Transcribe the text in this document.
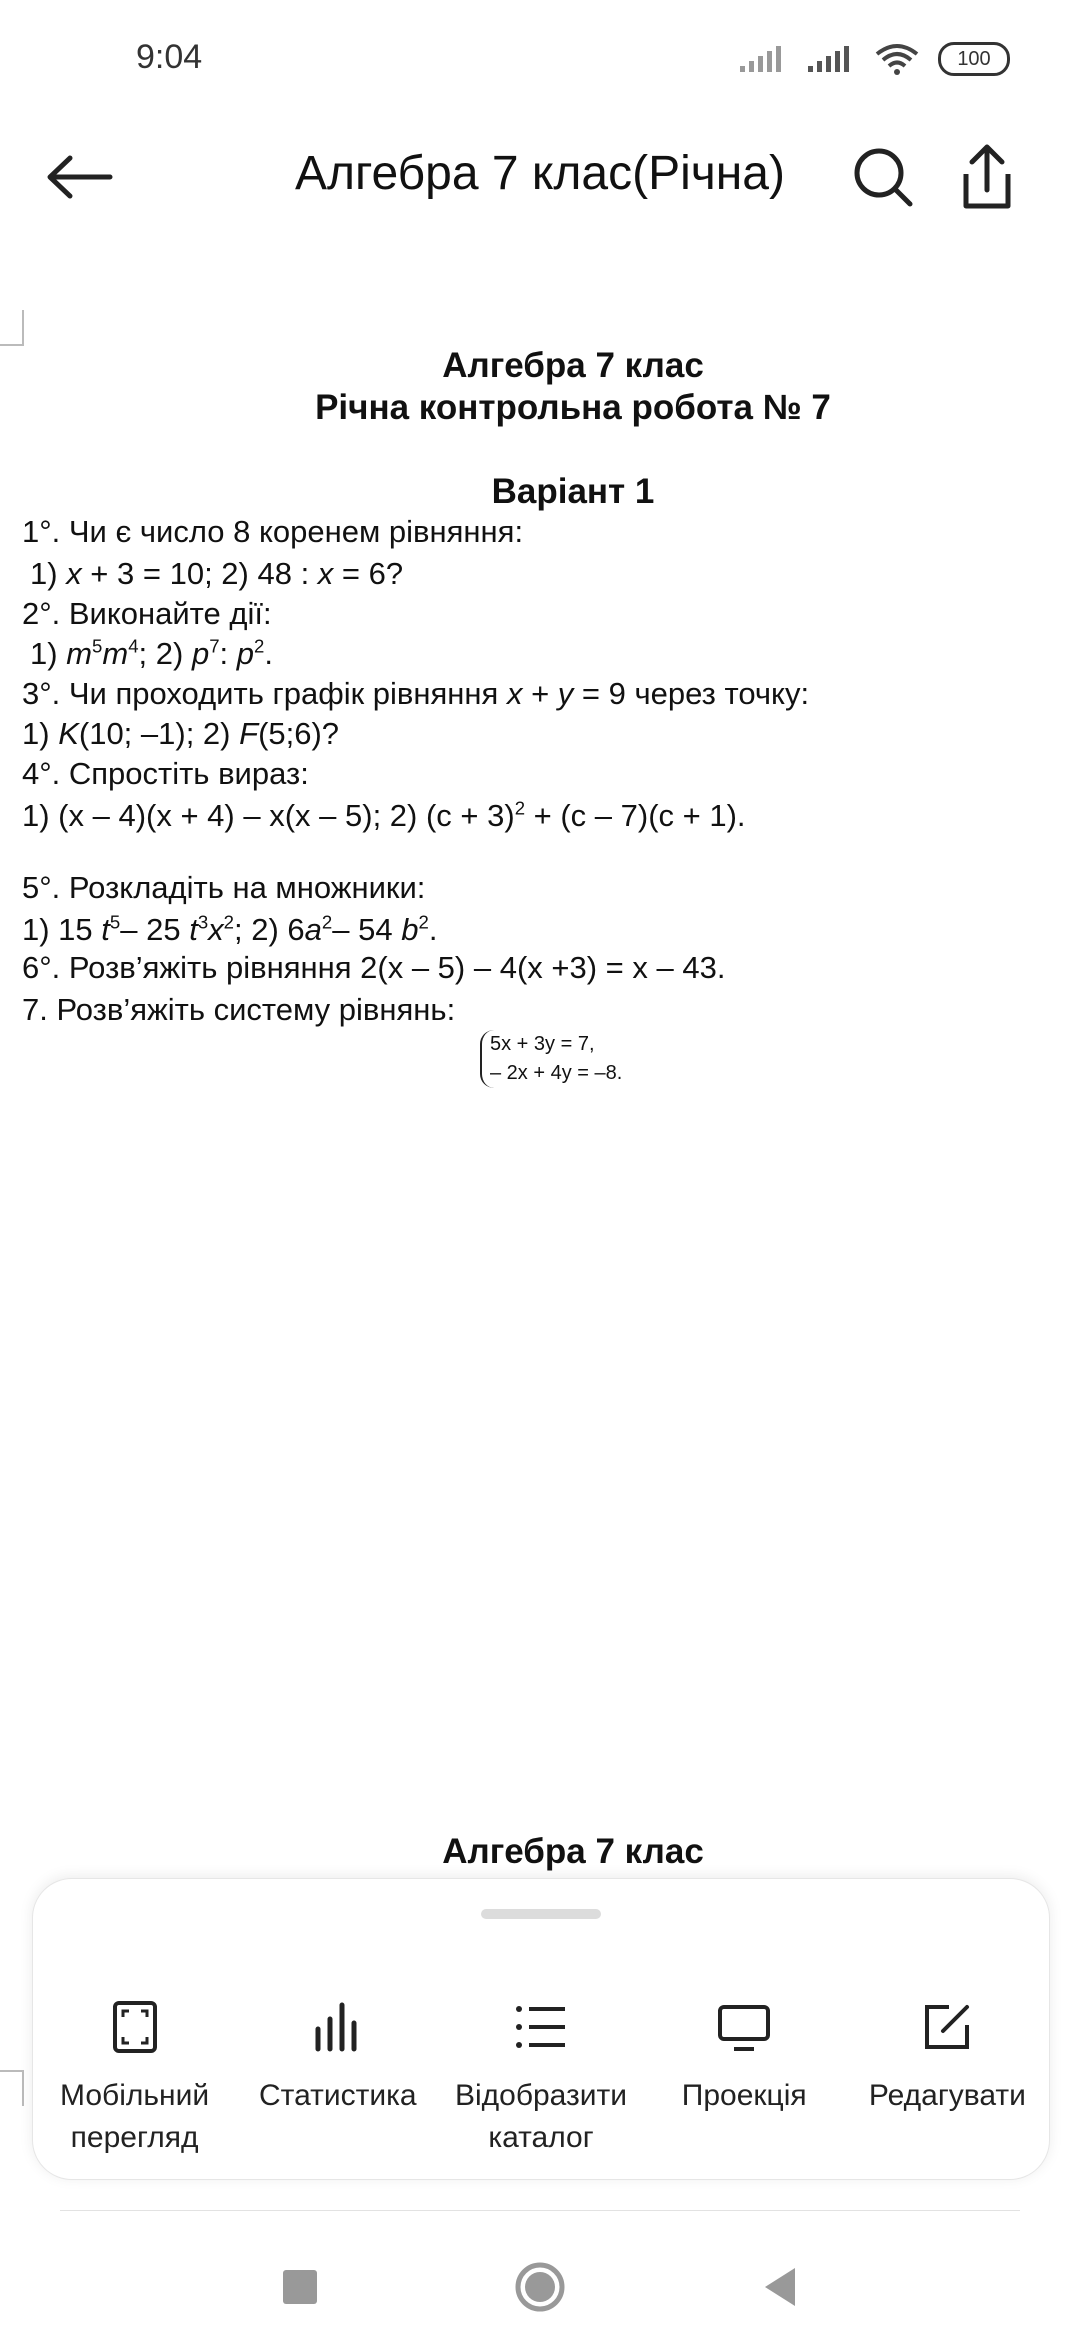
9:04	100
Алгебра 7 клас(Річна)
Алгебра 7 клас
Річна контрольна робота № 7
Варіант 1
1°. Чи є число 8 коренем рівняння:
1) x + 3 = 10; 2) 48 : x = 6?
2°. Виконайте дії:
1) $m^5m^4$; 2) $p^7$: $p^2$.
3°. Чи проходить графік рівняння x + y = 9 через точку:
1) K(10; –1); 2) F(5;6)?
4°. Спростіть вираз:
1) (x – 4)(x + 4) – x(x – 5); 2) $(c + 3)^2 + (c - 7)(c + 1)$.
5°. Розкладіть на множники:
1) 15 $t^5-$ 25 $t^3x^2$; 2) $6a^2-$ 54 $b^2$.
6°. Розв’яжіть рівняння 2(x – 5) – 4(x +3) = x – 43.
7. Розв’яжіть систему рівнянь:
5x + 3y = 7,
– 2x + 4y = –8.
Алгебра 7 клас
Мобільний перегляд
Статистика	Відобразити каталог
Проекція	Редагувати
